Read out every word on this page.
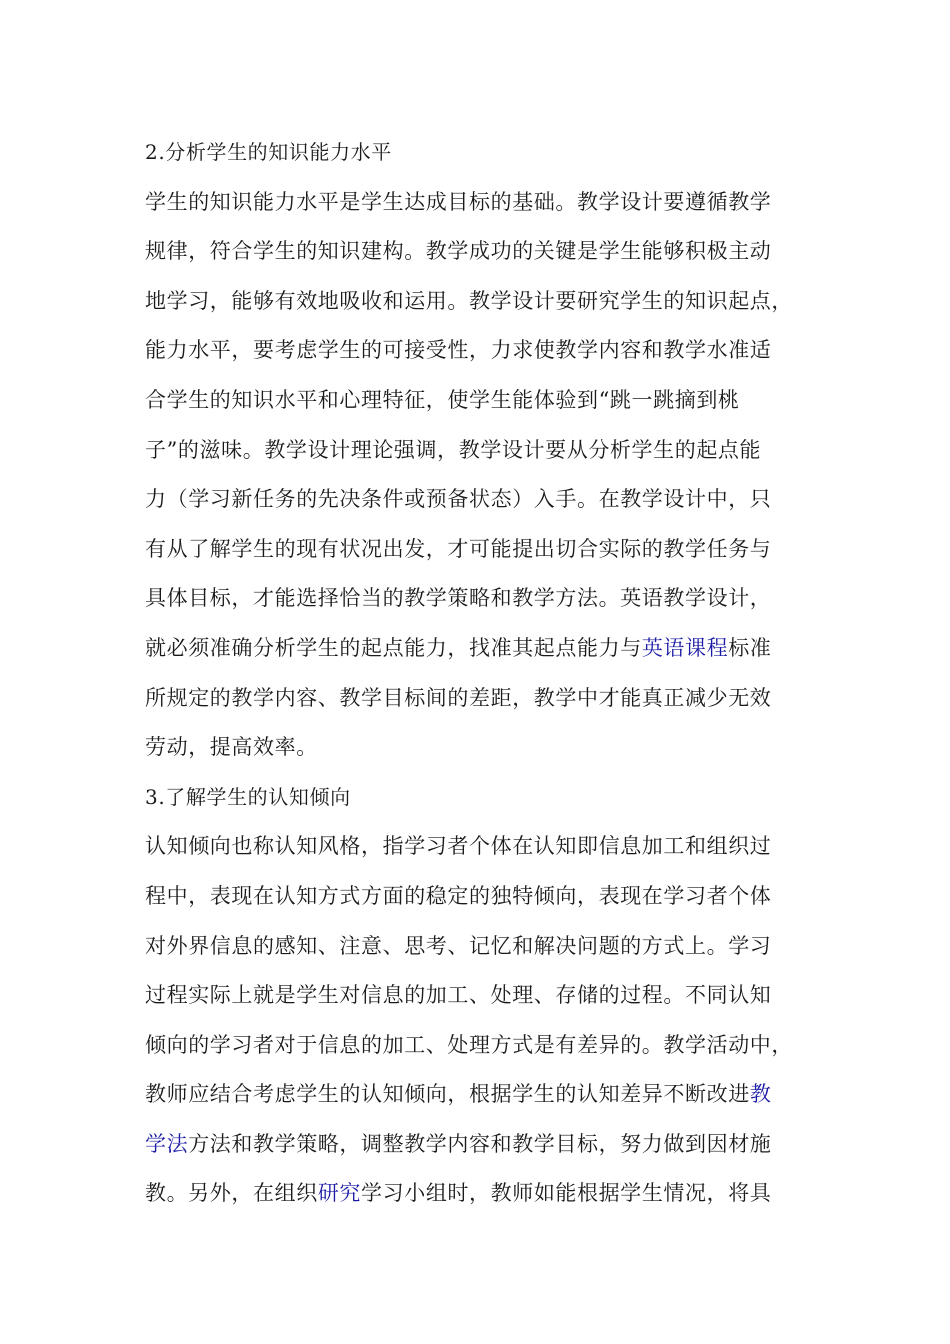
2.分析学生的知识能力水平
学生的知识能力水平是学生达成目标的基础。教学设计要遵循教学
规律，符合学生的知识建构。教学成功的关键是学生能够积极主动
地学习，能够有效地吸收和运用。教学设计要研究学生的知识起点，
能力水平，要考虑学生的可接受性，力求使教学内容和教学水准适
合学生的知识水平和心理特征，使学生能体验到“跳一跳摘到桃
子”的滋味。教学设计理论强调，教学设计要从分析学生的起点能
力（学习新任务的先决条件或预备状态）入手。在教学设计中，只
有从了解学生的现有状况出发，才可能提出切合实际的教学任务与
具体目标，才能选择恰当的教学策略和教学方法。英语教学设计，
就必须准确分析学生的起点能力，找准其起点能力与英语课程标准
所规定的教学内容、教学目标间的差距，教学中才能真正减少无效
劳动，提高效率。
3.了解学生的认知倾向
认知倾向也称认知风格，指学习者个体在认知即信息加工和组织过
程中，表现在认知方式方面的稳定的独特倾向，表现在学习者个体
对外界信息的感知、注意、思考、记忆和解决问题的方式上。学习
过程实际上就是学生对信息的加工、处理、存储的过程。不同认知
倾向的学习者对于信息的加工、处理方式是有差异的。教学活动中，
教师应结合考虑学生的认知倾向，根据学生的认知差异不断改进教
学法方法和教学策略，调整教学内容和教学目标，努力做到因材施
教。另外，在组织研究学习小组时，教师如能根据学生情况，将具
